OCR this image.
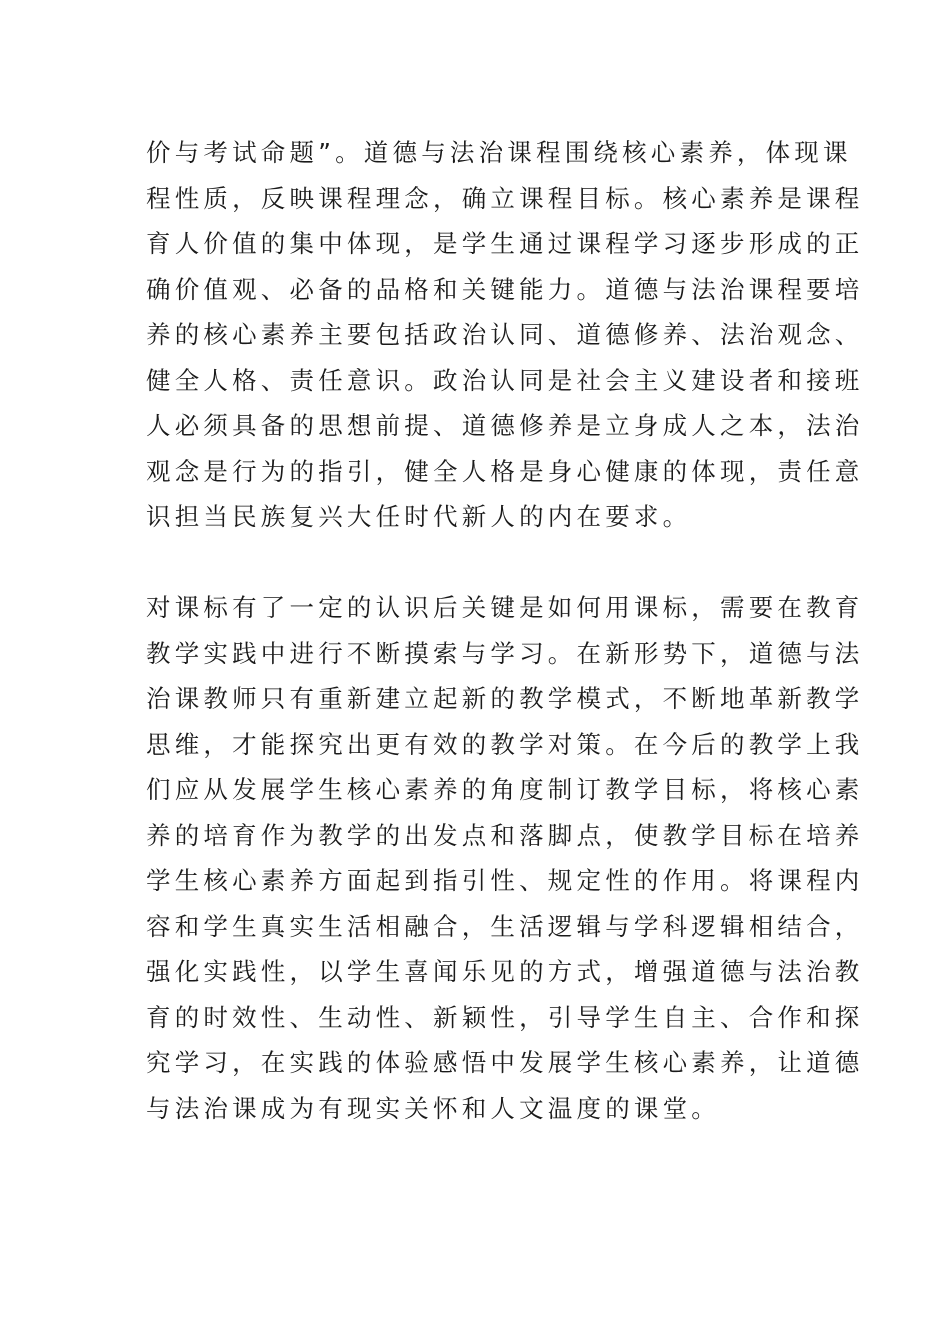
价与考试命题”。道德与法治课程围绕核心素养，体现课
程性质，反映课程理念，确立课程目标。核心素养是课程
育人价值的集中体现，是学生通过课程学习逐步形成的正
确价值观、必备的品格和关键能力。道德与法治课程要培
养的核心素养主要包括政治认同、道德修养、法治观念、
健全人格、责任意识。政治认同是社会主义建设者和接班
人必须具备的思想前提、道德修养是立身成人之本，法治
观念是行为的指引，健全人格是身心健康的体现，责任意
识担当民族复兴大任时代新人的内在要求。
对课标有了一定的认识后关键是如何用课标，需要在教育
教学实践中进行不断摸索与学习。在新形势下，道德与法
治课教师只有重新建立起新的教学模式，不断地革新教学
思维，才能探究出更有效的教学对策。在今后的教学上我
们应从发展学生核心素养的角度制订教学目标，将核心素
养的培育作为教学的出发点和落脚点，使教学目标在培养
学生核心素养方面起到指引性、规定性的作用。将课程内
容和学生真实生活相融合，生活逻辑与学科逻辑相结合，
强化实践性，以学生喜闻乐见的方式，增强道德与法治教
育的时效性、生动性、新颖性，引导学生自主、合作和探
究学习，在实践的体验感悟中发展学生核心素养，让道德
与法治课成为有现实关怀和人文温度的课堂。
